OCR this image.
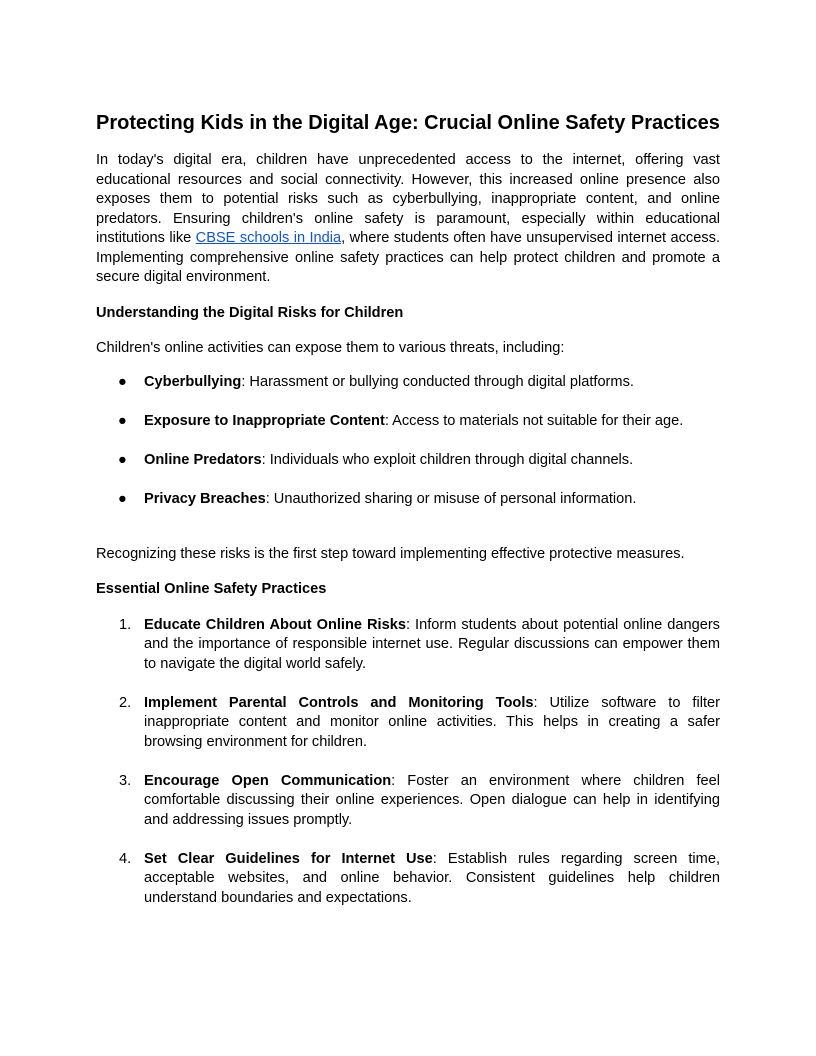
Protecting Kids in the Digital Age: Crucial Online Safety Practices

In today's digital era, children have unprecedented access to the internet, offering vast educational resources and social connectivity. However, this increased online presence also exposes them to potential risks such as cyberbullying, inappropriate content, and online predators. Ensuring children's online safety is paramount, especially within educational institutions like CBSE schools in India, where students often have unsupervised internet access. Implementing comprehensive online safety practices can help protect children and promote a secure digital environment.

Understanding the Digital Risks for Children

Children's online activities can expose them to various threats, including:

● Cyberbullying: Harassment or bullying conducted through digital platforms.
● Exposure to Inappropriate Content: Access to materials not suitable for their age.
● Online Predators: Individuals who exploit children through digital channels.
● Privacy Breaches: Unauthorized sharing or misuse of personal information.

Recognizing these risks is the first step toward implementing effective protective measures.

Essential Online Safety Practices
1. Educate Children About Online Risks: Inform students about potential online dangers and the importance of responsible internet use. Regular discussions can empower them to navigate the digital world safely.
2. Implement Parental Controls and Monitoring Tools: Utilize software to filter inappropriate content and monitor online activities. This helps in creating a safer browsing environment for children.
3. Encourage Open Communication: Foster an environment where children feel comfortable discussing their online experiences. Open dialogue can help in identifying and addressing issues promptly.
4. Set Clear Guidelines for Internet Use: Establish rules regarding screen time, acceptable websites, and online behavior. Consistent guidelines help children understand boundaries and expectations.
